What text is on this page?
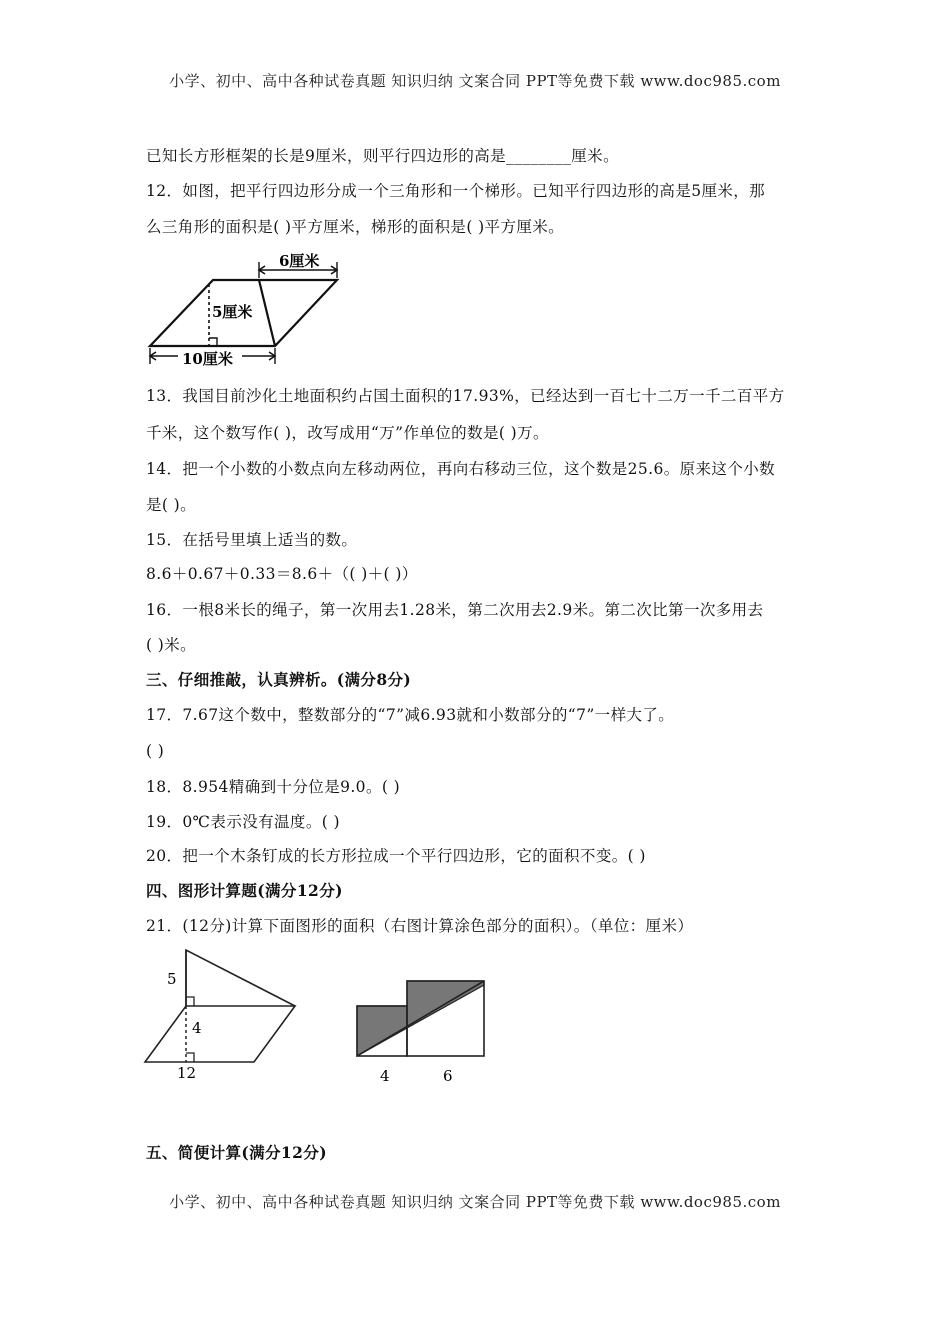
小学、初中、高中各种试卷真题 知识归纳 文案合同 PPT等免费下载 www.doc985.com
已知长方形框架的长是9厘米，则平行四边形的高是________厘米。
12．如图，把平行四边形分成一个三角形和一个梯形。已知平行四边形的高是5厘米，那
么三角形的面积是( )平方厘米，梯形的面积是( )平方厘米。
6厘米
5厘米
10厘米
13．我国目前沙化土地面积约占国土面积的17.93%，已经达到一百七十二万一千二百平方
千米，这个数写作( )，改写成用“万”作单位的数是( )万。
14．把一个小数的小数点向左移动两位，再向右移动三位，这个数是25.6。原来这个小数
是( )。
15．在括号里填上适当的数。
8.6＋0.67＋0.33＝8.6＋（( )＋( )）
16．一根8米长的绳子，第一次用去1.28米，第二次用去2.9米。第二次比第一次多用去
( )米。
三、仔细推敲，认真辨析。(满分8分)
17．7.67这个数中，整数部分的“7”减6.93就和小数部分的“7”一样大了。
( )
18．8.954精确到十分位是9.0。( )
19．0℃表示没有温度。( )
20．把一个木条钉成的长方形拉成一个平行四边形，它的面积不变。( )
四、图形计算题(满分12分)
21．(12分)计算下面图形的面积（右图计算涂色部分的面积）。（单位：厘米）
5
4
12	4	6
五、简便计算(满分12分)
小学、初中、高中各种试卷真题 知识归纳 文案合同 PPT等免费下载 www.doc985.com
